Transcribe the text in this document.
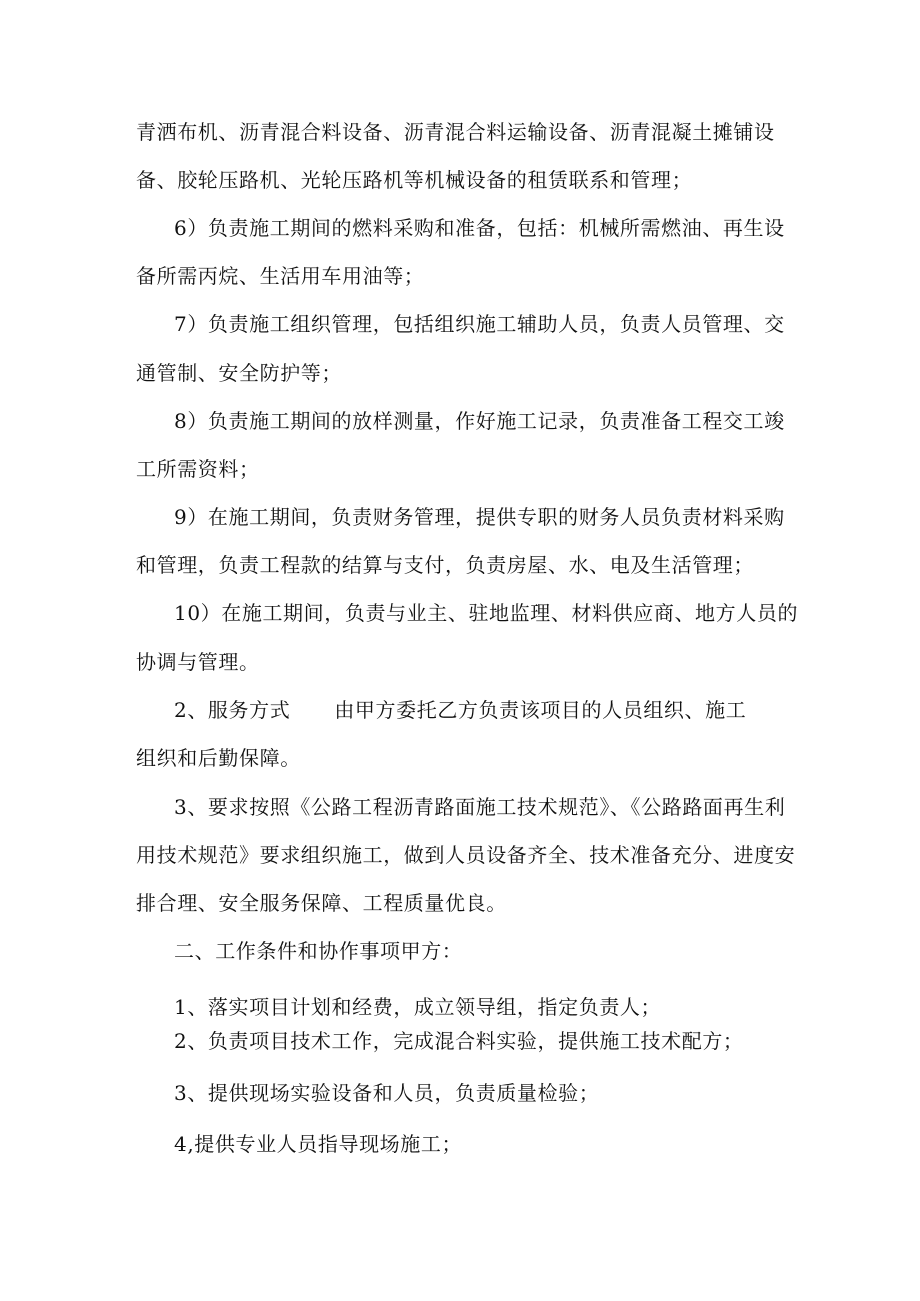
青洒布机、沥青混合料设备、沥青混合料运输设备、沥青混凝土摊铺设
备、胶轮压路机、光轮压路机等机械设备的租赁联系和管理；
6）负责施工期间的燃料采购和准备，包括：机械所需燃油、再生设
备所需丙烷、生活用车用油等；
7）负责施工组织管理，包括组织施工辅助人员，负责人员管理、交
通管制、安全防护等；
8）负责施工期间的放样测量，作好施工记录，负责准备工程交工竣
工所需资料；
9）在施工期间，负责财务管理，提供专职的财务人员负责材料采购
和管理，负责工程款的结算与支付，负责房屋、水、电及生活管理；
10）在施工期间，负责与业主、驻地监理、材料供应商、地方人员的
协调与管理。
2、服务方式 由甲方委托乙方负责该项目的人员组织、施工
组织和后勤保障。
3、要求按照《公路工程沥青路面施工技术规范》、《公路路面再生利
用技术规范》要求组织施工，做到人员设备齐全、技术准备充分、进度安
排合理、安全服务保障、工程质量优良。
二、工作条件和协作事项甲方：
1、落实项目计划和经费，成立领导组，指定负责人；
2、负责项目技术工作，完成混合料实验，提供施工技术配方；
3、提供现场实验设备和人员，负责质量检验；
4,提供专业人员指导现场施工；
